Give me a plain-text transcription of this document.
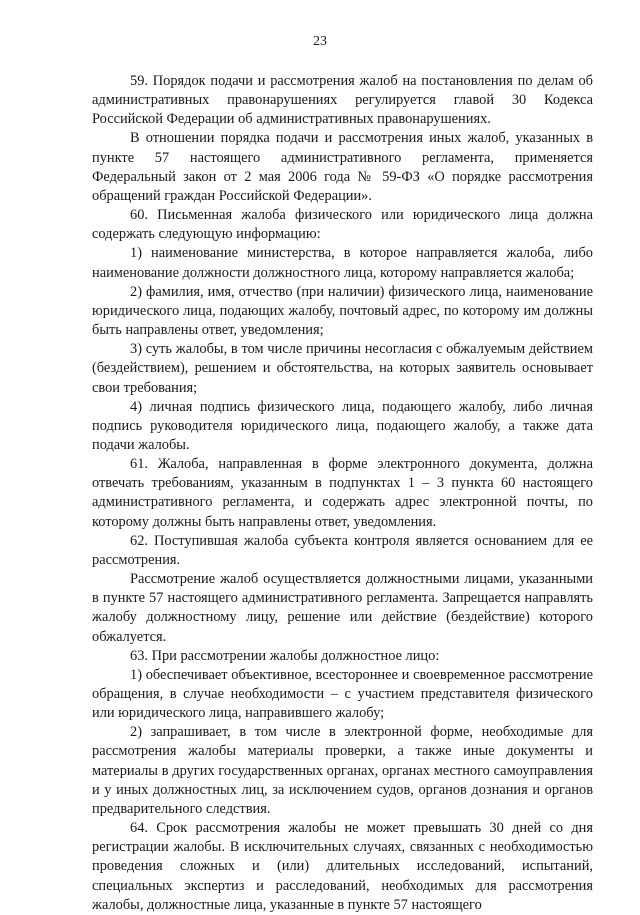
23

59. Порядок подачи и рассмотрения жалоб на постановления по делам об административных правонарушениях регулируется главой 30 Кодекса Российской Федерации об административных правонарушениях.

В отношении порядка подачи и рассмотрения иных жалоб, указанных в пункте 57 настоящего административного регламента, применяется Федеральный закон от 2 мая 2006 года № 59-ФЗ «О порядке рассмотрения обращений граждан Российской Федерации».

60. Письменная жалоба физического или юридического лица должна содержать следующую информацию:

1) наименование министерства, в которое направляется жалоба, либо наименование должности должностного лица, которому направляется жалоба;

2) фамилия, имя, отчество (при наличии) физического лица, наименование юридического лица, подающих жалобу, почтовый адрес, по которому им должны быть направлены ответ, уведомления;

3) суть жалобы, в том числе причины несогласия с обжалуемым действием (бездействием), решением и обстоятельства, на которых заявитель основывает свои требования;

4) личная подпись физического лица, подающего жалобу, либо личная подпись руководителя юридического лица, подающего жалобу, а также дата подачи жалобы.

61. Жалоба, направленная в форме электронного документа, должна отвечать требованиям, указанным в подпунктах 1 – 3 пункта 60 настоящего административного регламента, и содержать адрес электронной почты, по которому должны быть направлены ответ, уведомления.

62. Поступившая жалоба субъекта контроля является основанием для ее рассмотрения.

Рассмотрение жалоб осуществляется должностными лицами, указанными в пункте 57 настоящего административного регламента. Запрещается направлять жалобу должностному лицу, решение или действие (бездействие) которого обжалуется.

63. При рассмотрении жалобы должностное лицо:

1) обеспечивает объективное, всестороннее и своевременное рассмотрение обращения, в случае необходимости – с участием представителя физического или юридического лица, направившего жалобу;

2) запрашивает, в том числе в электронной форме, необходимые для рассмотрения жалобы материалы проверки, а также иные документы и материалы в других государственных органах, органах местного самоуправления и у иных должностных лиц, за исключением судов, органов дознания и органов предварительного следствия.

64. Срок рассмотрения жалобы не может превышать 30 дней со дня регистрации жалобы. В исключительных случаях, связанных с необходимостью проведения сложных и (или) длительных исследований, испытаний, специальных экспертиз и расследований, необходимых для рассмотрения жалобы, должностные лица, указанные в пункте 57 настоящего
